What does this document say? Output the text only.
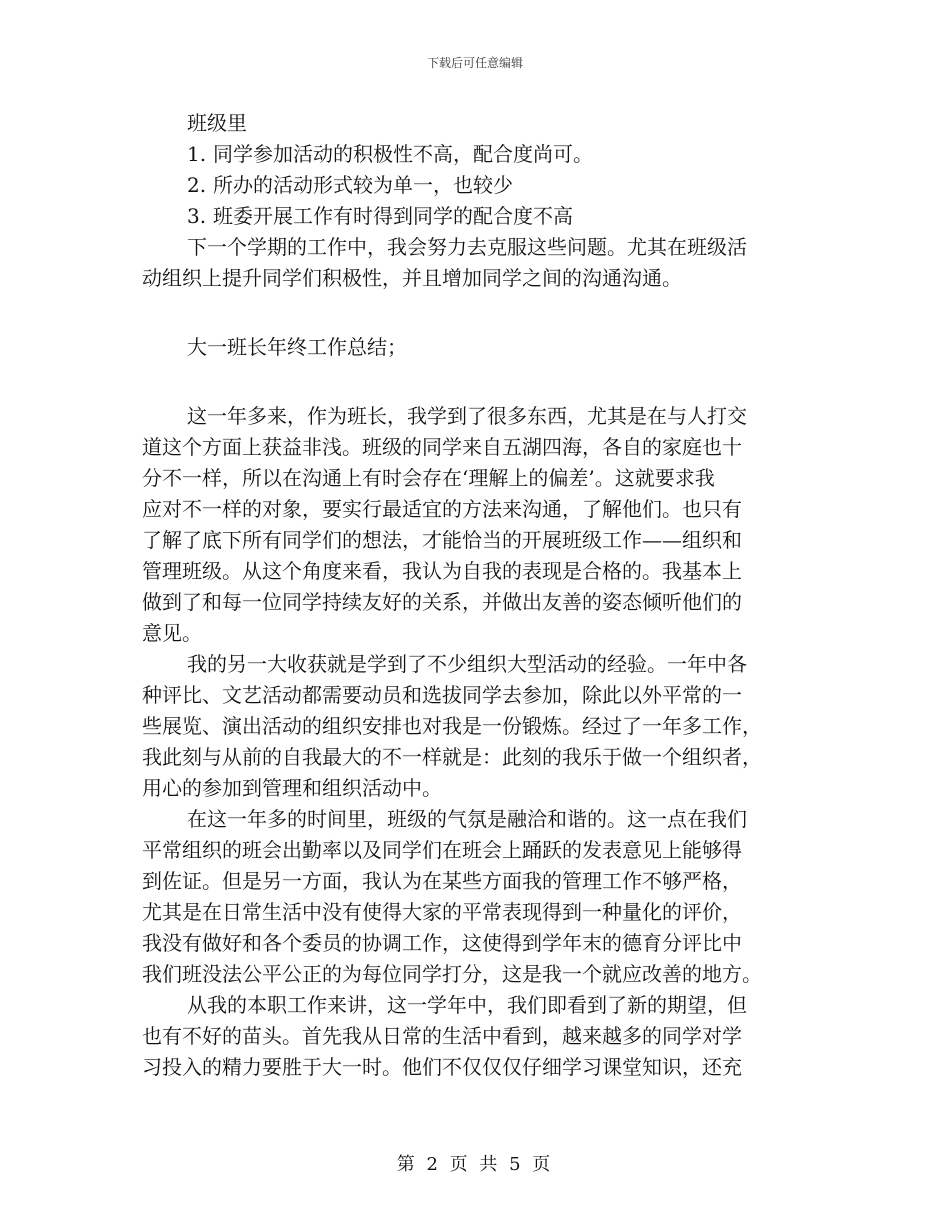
下载后可任意编辑

班级里

1. 同学参加活动的积极性不高，配合度尚可。

2. 所办的活动形式较为单一，也较少

3. 班委开展工作有时得到同学的配合度不高

下一个学期的工作中，我会努力去克服这些问题。尤其在班级活

动组织上提升同学们积极性，并且增加同学之间的沟通沟通。

大一班长年终工作总结；

这一年多来，作为班长，我学到了很多东西，尤其是在与人打交

道这个方面上获益非浅。班级的同学来自五湖四海，各自的家庭也十

分不一样，所以在沟通上有时会存在‘理解上的偏差’。这就要求我

应对不一样的对象，要实行最适宜的方法来沟通，了解他们。也只有

了解了底下所有同学们的想法，才能恰当的开展班级工作——组织和

管理班级。从这个角度来看，我认为自我的表现是合格的。我基本上

做到了和每一位同学持续友好的关系，并做出友善的姿态倾听他们的

意见。

我的另一大收获就是学到了不少组织大型活动的经验。一年中各

种评比、文艺活动都需要动员和选拔同学去参加，除此以外平常的一

些展览、演出活动的组织安排也对我是一份锻炼。经过了一年多工作，

我此刻与从前的自我最大的不一样就是：此刻的我乐于做一个组织者，

用心的参加到管理和组织活动中。

在这一年多的时间里，班级的气氛是融洽和谐的。这一点在我们

平常组织的班会出勤率以及同学们在班会上踊跃的发表意见上能够得

到佐证。但是另一方面，我认为在某些方面我的管理工作不够严格，

尤其是在日常生活中没有使得大家的平常表现得到一种量化的评价，

我没有做好和各个委员的协调工作，这使得到学年末的德育分评比中

我们班没法公平公正的为每位同学打分，这是我一个就应改善的地方。

从我的本职工作来讲，这一学年中，我们即看到了新的期望，但

也有不好的苗头。首先我从日常的生活中看到，越来越多的同学对学

习投入的精力要胜于大一时。他们不仅仅仅仔细学习课堂知识，还充

第 2 页 共 5 页
